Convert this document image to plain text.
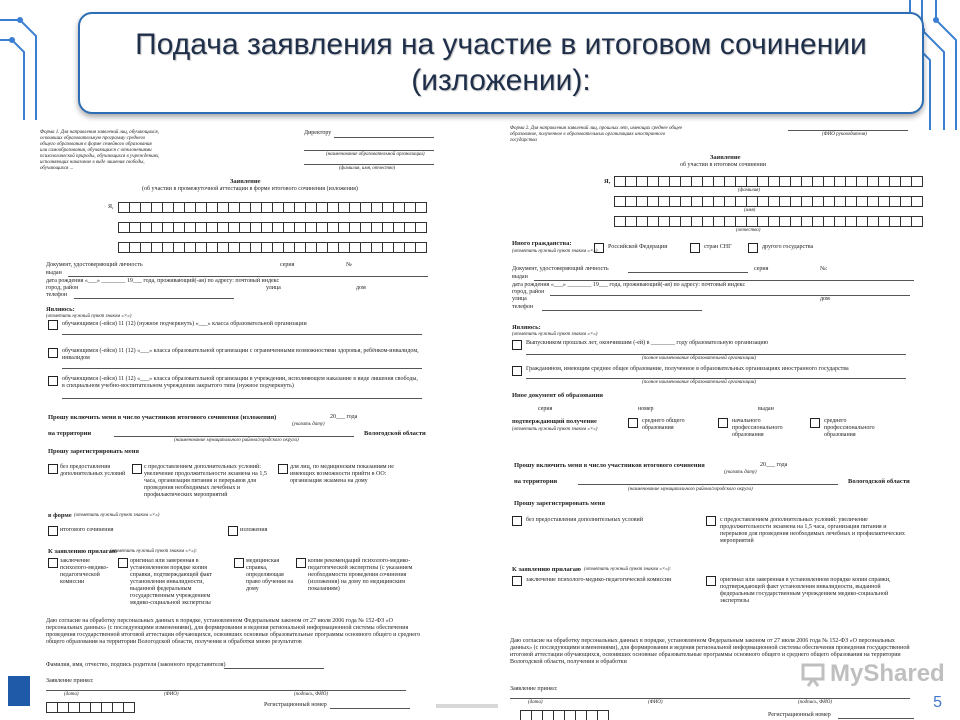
Подача заявления на участие в итоговом сочинении
(изложении):
Форма 1. Для направления заявлений лиц, обучающихся, освоивших образовательную программу среднего общего образования в форме семейного образования или самообразования, обучающихся с отклонениями психологической природы, обучающихся в учреждениях, исполняющих наказание в виде лишения свободы, обучающихся ...
Директору
(наименование образовательной организации)
(фамилия, имя, отчество)
Заявление
(об участии в промежуточной аттестации в форме итогового сочинения (изложения)
Я,
Документ, удостоверяющий личность	серия	№
выдан
дата рождения «___» ________ 19___ года, проживающий(-ая) по адресу: почтовый индекс
город, район	улица	дом
телефон
Являюсь:
(отметить нужный пункт знаком «×»)
обучающимся (-ейся) 11 (12) (нужное подчеркнуть) «___» класса образовательной организации
обучающимся (-ейся) 11 (12) «___» класса образовательной организации с ограниченными возможностями здоровья, ребёнком-инвалидом, инвалидом
обучающимся (-ейся) 11 (12) «___» класса образовательной организации в учреждении, исполняющем наказание в виде лишения свободы, в специальном учебно-воспитательном учреждении закрытого типа (нужное подчеркнуть)
Прошу включить меня в число участников итогового сочинения (изложения)	20___ года
(указать дату)
на территории	Вологодской области
(наименование муниципального района/городского округа)
Прошу зарегистрировать меня
без предоставления дополнительных условий
с предоставлением дополнительных условий: увеличение продолжительности экзамена на 1,5 часа, организация питания и перерывов для проведения необходимых лечебных и профилактических мероприятий
для лиц, по медицинским показаниям не имеющих возможности прийти в ОО: организация экзамена на дому
в форме (отметить нужный пункт знаком «×»)
итогового сочинения	изложения
К заявлению прилагаю
(отметить нужный пункт знаком «×»):
заключение психолого-медико-педагогической комиссии
оригинал или заверенная в установленном порядке копия справки, подтверждающей факт установления инвалидности, выданной федеральным государственным учреждением медико-социальной экспертизы
медицинская справка, определяющая право обучения на дому
копия рекомендаций психолого-медико-педагогической экспертизы (с указанием необходимости проведения сочинения (изложения) на дому по медицинским показаниям)
Даю согласие на обработку персональных данных в порядке, установленном Федеральным законом от 27 июля 2006 года № 152-ФЗ «О персональных данных» (с последующими изменениями), для формирования и ведения региональной информационной системы обеспечения проведения государственной итоговой аттестации обучающихся, освоивших основные образовательные программы основного общего и среднего общего образования на территории Вологодской области, получения и обработки мною результатов
Фамилия, имя, отчество, подпись родителя (законного представителя)
Заявление принял:
(дата)	(ФИО)	(подпись, ФИО)
Регистрационный номер
Форма 2. Для направления заявлений лиц, прошлых лет, имеющих среднее общее образование, полученное в образовательных организациях иностранного государства
(ФИО руководителя)
Заявление
об участии в итоговом сочинении
Я,
(фамилия)
(имя)
(отчество)
Иного гражданства:
(отметить нужный пункт знаком «×»)
Российской Федерации	стран СНГ	другого государства
Документ, удостоверяющий личность	серия	№:
выдан
дата рождения «___» ________ 19___ года, проживающий(-ая) по адресу: почтовый индекс
город, район
улица	дом
телефон
Являюсь:
(отметить нужный пункт знаком «×»)
Выпускником прошлых лет, окончившим (-ей) в ________ году образовательную организацию
(полное наименование образовательной организации)
Гражданином, имеющим среднее общее образование, полученное в образовательных организациях иностранного государства
(полное наименование образовательной организации)
Иное документ об образовании
серия	номер	выдан
подтверждающий получение
(отметить нужный пункт знаком «×»)
среднего общего образования
начального профессионального образования
среднего профессионального образования
Прошу включить меня в число участников итогового сочинения	20___ года
(указать дату)
на территории	Вологодской области
(наименование муниципального района/городского округа)
Прошу зарегистрировать меня
без предоставления дополнительных условий	с предоставлением дополнительных условий: увеличение продолжительности экзамена на 1,5 часа, организация питания и перерывов для проведения необходимых лечебных и профилактических мероприятий
К заявлению прилагаю (отметить нужный пункт знаком «×»):
заключение психолого-медико-педагогической комиссии	оригинал или заверенная в установленном порядке копия справки, подтверждающей факт установления инвалидности, выданной федеральным государственным учреждением медико-социальной экспертизы
Даю согласие на обработку персональных данных в порядке, установленном Федеральным законом от 27 июля 2006 года № 152-ФЗ «О персональных данных» (с последующими изменениями), для формирования и ведения региональной информационной системы обеспечения проведения государственной итоговой аттестации обучающихся, освоивших основные образовательные программы основного общего и среднего общего образования на территории Вологодской области, получения и обработки
Заявление принял:
(дата)	(ФИО)	(подпись, ФИО)
Регистрационный номер
MyShared
5
